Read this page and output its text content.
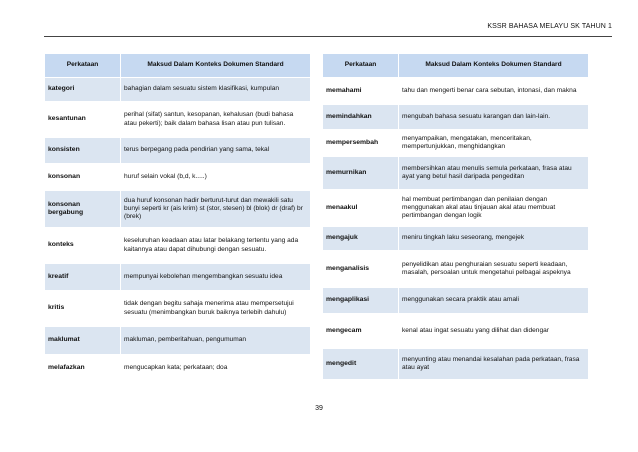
KSSR BAHASA MELAYU SK TAHUN 1
Perkataan	Maksud Dalam Konteks Dokumen Standard
kategori	bahagian dalam sesuatu sistem klasifikasi, kumpulan
kesantunan	perihal (sifat) santun, kesopanan, kehalusan (budi bahasa atau pekerti); baik dalam bahasa lisan atau pun tulisan.
konsisten	terus berpegang pada pendirian yang sama, tekal
konsonan	huruf selain vokal (b,d, k.....)
konsonan bergabung	dua huruf konsonan hadir berturut-turut dan mewakili satu bunyi seperti kr (ais krim) st (stor, stesen) bl (blok) dr (draf) br (brek)
konteks	keseluruhan keadaan atau latar belakang tertentu yang ada kaitannya atau dapat dihubungi dengan sesuatu.
kreatif	mempunyai kebolehan mengembangkan sesuatu idea
kritis	tidak dengan begitu sahaja menerima atau mempersetujui sesuatu (menimbangkan buruk baiknya terlebih dahulu)
maklumat	makluman, pemberitahuan, pengumuman
melafazkan	mengucapkan kata; perkataan; doa
Perkataan	Maksud Dalam Konteks Dokumen Standard
memahami	tahu dan mengerti benar cara sebutan, intonasi, dan makna
memindahkan	mengubah bahasa sesuatu karangan dan lain-lain.
mempersembah	menyampaikan, mengatakan, menceritakan, mempertunjukkan, menghidangkan
memurnikan	membersihkan atau menulis semula perkataan, frasa atau ayat yang betul hasil daripada pengeditan
menaakul	hal membuat pertimbangan dan penilaian dengan menggunakan akal atau tinjauan akal atau membuat pertimbangan dengan logik
mengajuk	meniru tingkah laku seseorang, mengejek
menganalisis	penyelidikan atau penghuraian sesuatu seperti keadaan, masalah, persoalan untuk mengetahui pelbagai aspeknya
mengaplikasi	menggunakan secara praktik atau amali
mengecam	kenal atau ingat sesuatu yang dilihat dan didengar
mengedit	menyunting atau menandai kesalahan pada perkataan, frasa atau ayat
39
